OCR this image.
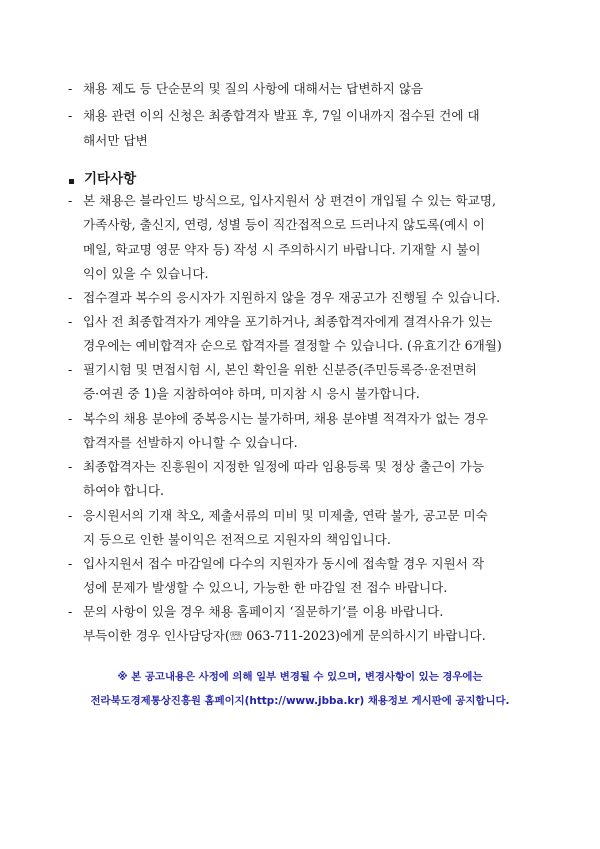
- 채용 제도 등 단순문의 및 질의 사항에 대해서는 답변하지 않음
- 채용 관련 이의 신청은 최종합격자 발표 후, 7일 이내까지 접수된 건에 대
해서만 답변
기타사항
- 본 채용은 블라인드 방식으로, 입사지원서 상 편견이 개입될 수 있는 학교명,
가족사항, 출신지, 연령, 성별 등이 직간접적으로 드러나지 않도록(예시 이
메일, 학교명 영문 약자 등) 작성 시 주의하시기 바랍니다. 기재할 시 불이
익이 있을 수 있습니다.
- 접수결과 복수의 응시자가 지원하지 않을 경우 재공고가 진행될 수 있습니다.
- 입사 전 최종합격자가 계약을 포기하거나, 최종합격자에게 결격사유가 있는
경우에는 예비합격자 순으로 합격자를 결정할 수 있습니다. (유효기간 6개월)
- 필기시험 및 면접시험 시, 본인 확인을 위한 신분증(주민등록증·운전면허
증·여권 중 1)을 지참하여야 하며, 미지참 시 응시 불가합니다.
- 복수의 채용 분야에 중복응시는 불가하며, 채용 분야별 적격자가 없는 경우
합격자를 선발하지 아니할 수 있습니다.
- 최종합격자는 진흥원이 지정한 일정에 따라 임용등록 및 정상 출근이 가능
하여야 합니다.
- 응시원서의 기재 착오, 제출서류의 미비 및 미제출, 연락 불가, 공고문 미숙
지 등으로 인한 불이익은 전적으로 지원자의 책임입니다.
- 입사지원서 접수 마감일에 다수의 지원자가 동시에 접속할 경우 지원서 작
성에 문제가 발생할 수 있으니, 가능한 한 마감일 전 접수 바랍니다.
- 문의 사항이 있을 경우 채용 홈페이지 ‘질문하기’를 이용 바랍니다.
부득이한 경우 인사담당자(☏ 063-711-2023)에게 문의하시기 바랍니다.
※ 본 공고내용은 사정에 의해 일부 변경될 수 있으며, 변경사항이 있는 경우에는
전라북도경제통상진흥원 홈페이지(http://www.jbba.kr) 채용정보 게시판에 공지합니다.
